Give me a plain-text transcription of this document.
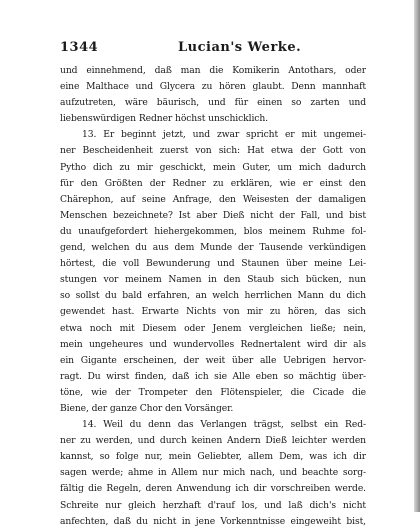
1344	Lucian's Werke.
und einnehmend, daß man die Komikerin Antothars, oder
eine Malthace und Glycera zu hören glaubt. Denn mannhaft
aufzutreten, wäre bäurisch, und für einen so zarten und
liebenswürdigen Redner höchst unschicklich.
13. Er beginnt jetzt, und zwar spricht er mit ungemei-
ner Bescheidenheit zuerst von sich: Hat etwa der Gott von
Pytho dich zu mir geschickt, mein Guter, um mich dadurch
für den Größten der Redner zu erklären, wie er einst den
Chärephon, auf seine Anfrage, den Weisesten der damaligen
Menschen bezeichnete? Ist aber Dieß nicht der Fall, und bist
du unaufgefordert hiehergekommen, blos meinem Ruhme fol-
gend, welchen du aus dem Munde der Tausende verkündigen
hörtest, die voll Bewunderung und Staunen über meine Lei-
stungen vor meinem Namen in den Staub sich bücken, nun
so sollst du bald erfahren, an welch herrlichen Mann du dich
gewendet hast. Erwarte Nichts von mir zu hören, das sich
etwa noch mit Diesem oder Jenem vergleichen ließe; nein,
mein ungeheures und wundervolles Rednertalent wird dir als
ein Gigante erscheinen, der weit über alle Uebrigen hervor-
ragt. Du wirst finden, daß ich sie Alle eben so mächtig über-
töne, wie der Trompeter den Flötenspieler, die Cicade die
Biene, der ganze Chor den Vorsänger.
14. Weil du denn das Verlangen trägst, selbst ein Red-
ner zu werden, und durch keinen Andern Dieß leichter werden
kannst, so folge nur, mein Geliebter, allem Dem, was ich dir
sagen werde; ahme in Allem nur mich nach, und beachte sorg-
fältig die Regeln, deren Anwendung ich dir vorschreiben werde.
Schreite nur gleich herzhaft d'rauf los, und laß dich's nicht
anfechten, daß du nicht in jene Vorkenntnisse eingeweiht bist,
